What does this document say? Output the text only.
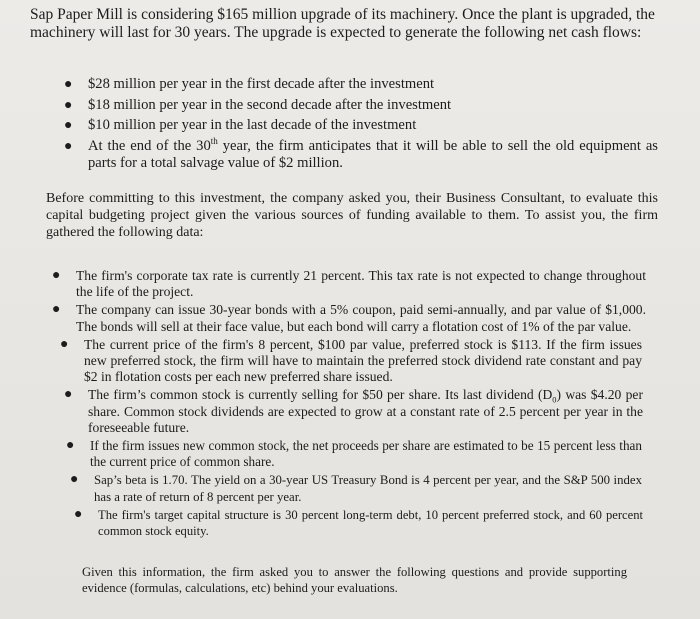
Sap Paper Mill is considering $165 million upgrade of its machinery. Once the plant is upgraded, the machinery will last for 30 years. The upgrade is expected to generate the following net cash flows:

● $28 million per year in the first decade after the investment
● $18 million per year in the second decade after the investment
● $10 million per year in the last decade of the investment
● At the end of the 30th year, the firm anticipates that it will be able to sell the old equipment as parts for a total salvage value of $2 million.

Before committing to this investment, the company asked you, their Business Consultant, to evaluate this capital budgeting project given the various sources of funding available to them. To assist you, the firm gathered the following data:

● The firm's corporate tax rate is currently 21 percent. This tax rate is not expected to change throughout the life of the project.
● The company can issue 30-year bonds with a 5% coupon, paid semi-annually, and par value of $1,000. The bonds will sell at their face value, but each bond will carry a flotation cost of 1% of the par value.
● The current price of the firm's 8 percent, $100 par value, preferred stock is $113. If the firm issues new preferred stock, the firm will have to maintain the preferred stock dividend rate constant and pay $2 in flotation costs per each new preferred share issued.
● The firm’s common stock is currently selling for $50 per share. Its last dividend $(D_0)$ was $4.20 per share. Common stock dividends are expected to grow at a constant rate of 2.5 percent per year in the foreseeable future.
● If the firm issues new common stock, the net proceeds per share are estimated to be 15 percent less than the current price of common share.
● Sap’s beta is 1.70. The yield on a 30-year US Treasury Bond is 4 percent per year, and the S&P 500 index has a rate of return of 8 percent per year.
● The firm's target capital structure is 30 percent long-term debt, 10 percent preferred stock, and 60 percent common stock equity.

Given this information, the firm asked you to answer the following questions and provide supporting evidence (formulas, calculations, etc) behind your evaluations.
